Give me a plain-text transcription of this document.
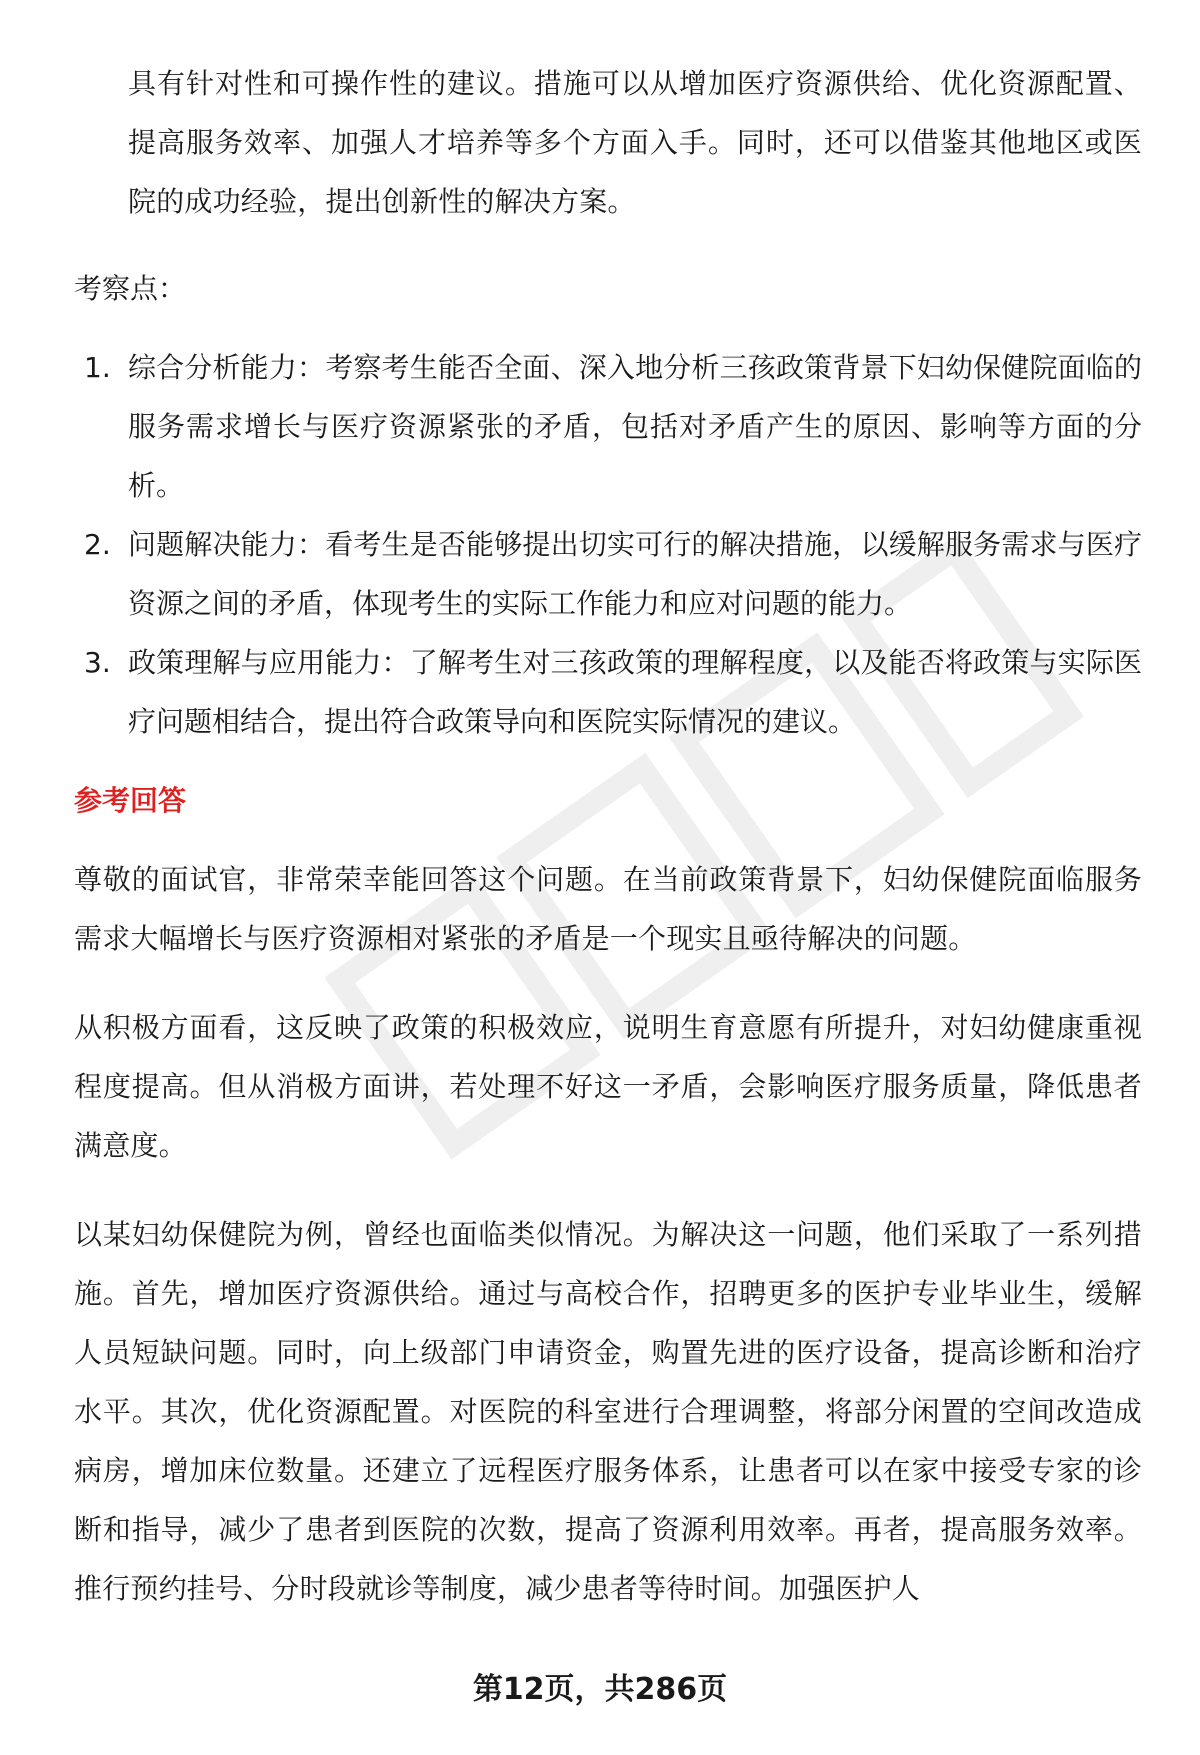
具有针对性和可操作性的建议。措施可以从增加医疗资源供给、优化资源配置、提高服务效率、加强人才培养等多个方面入手。同时，还可以借鉴其他地区或医院的成功经验，提出创新性的解决方案。

考察点：
1. 综合分析能力：考察考生能否全面、深入地分析三孩政策背景下妇幼保健院面临的服务需求增长与医疗资源紧张的矛盾，包括对矛盾产生的原因、影响等方面的分析。
2. 问题解决能力：看考生是否能够提出切实可行的解决措施，以缓解服务需求与医疗资源之间的矛盾，体现考生的实际工作能力和应对问题的能力。
3. 政策理解与应用能力：了解考生对三孩政策的理解程度，以及能否将政策与实际医疗问题相结合，提出符合政策导向和医院实际情况的建议。
参考回答

尊敬的面试官，非常荣幸能回答这个问题。在当前政策背景下，妇幼保健院面临服务需求大幅增长与医疗资源相对紧张的矛盾是一个现实且亟待解决的问题。

从积极方面看，这反映了政策的积极效应，说明生育意愿有所提升，对妇幼健康重视程度提高。但从消极方面讲，若处理不好这一矛盾，会影响医疗服务质量，降低患者满意度。

以某妇幼保健院为例，曾经也面临类似情况。为解决这一问题，他们采取了一系列措施。首先，增加医疗资源供给。通过与高校合作，招聘更多的医护专业毕业生，缓解人员短缺问题。同时，向上级部门申请资金，购置先进的医疗设备，提高诊断和治疗水平。其次，优化资源配置。对医院的科室进行合理调整，将部分闲置的空间改造成病房，增加床位数量。还建立了远程医疗服务体系，让患者可以在家中接受专家的诊断和指导，减少了患者到医院的次数，提高了资源利用效率。再者，提高服务效率。推行预约挂号、分时段就诊等制度，减少患者等待时间。加强医护人

第12页，共286页
